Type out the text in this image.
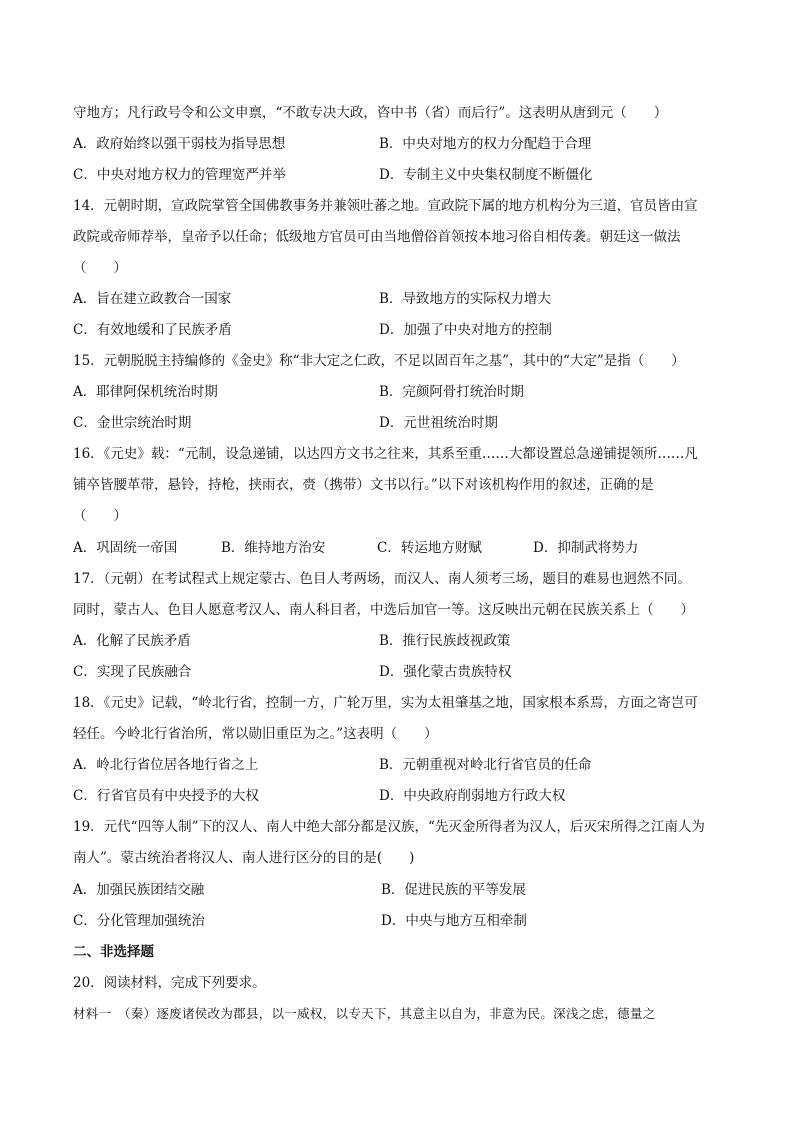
守地方；凡行政号令和公文申禀，“不敢专决大政，咨中书（省）而后行”。这表明从唐到元（　　）
A．政府始终以强干弱枝为指导思想	B．中央对地方的权力分配趋于合理
C．中央对地方权力的管理宽严并举	D．专制主义中央集权制度不断僵化
14．元朝时期，宣政院掌管全国佛教事务并兼领吐蕃之地。宣政院下属的地方机构分为三道，官员皆由宣
政院或帝师荐举，皇帝予以任命；低级地方官员可由当地僧俗首领按本地习俗自相传袭。朝廷这一做法
（　　）
A．旨在建立政教合一国家	B．导致地方的实际权力增大
C．有效地缓和了民族矛盾	D．加强了中央对地方的控制
15．元朝脱脱主持编修的《金史》称“非大定之仁政，不足以固百年之基”，其中的“大定”是指（　　）
A．耶律阿保机统治时期	B．完颜阿骨打统治时期
C．金世宗统治时期	D．元世祖统治时期
16．《元史》载：“元制，设急递铺，以达四方文书之往来，其系至重……大都设置总急递铺提领所……凡
铺卒皆腰革带，悬铃，持枪，挟雨衣，赍（携带）文书以行。”以下对该机构作用的叙述，正确的是
（　　）
A．巩固统一帝国	B．维持地方治安	C．转运地方财赋	D．抑制武将势力
17．（元朝）在考试程式上规定蒙古、色目人考两场，而汉人、南人须考三场，题目的难易也迥然不同。
同时，蒙古人、色目人愿意考汉人、南人科目者，中选后加官一等。这反映出元朝在民族关系上（　　）
A．化解了民族矛盾	B．推行民族歧视政策
C．实现了民族融合	D．强化蒙古贵族特权
18．《元史》记载，“岭北行省，控制一方，广轮万里，实为太祖肇基之地，国家根本系焉，方面之寄岂可
轻任。今岭北行省治所，常以勋旧重臣为之。”这表明（　　）
A．岭北行省位居各地行省之上	B．元朝重视对岭北行省官员的任命
C．行省官员有中央授予的大权	D．中央政府削弱地方行政大权
19．元代“四等人制”下的汉人、南人中绝大部分都是汉族，“先灭金所得者为汉人，后灭宋所得之江南人为
南人”。蒙古统治者将汉人、南人进行区分的目的是(　　)
A．加强民族团结交融	B．促进民族的平等发展
C．分化管理加强统治	D．中央与地方互相牵制
二、非选择题
20．阅读材料，完成下列要求。
材料一　（秦）逐废诸侯改为郡县，以一威权，以专天下，其意主以自为，非意为民。深浅之虑，德量之
